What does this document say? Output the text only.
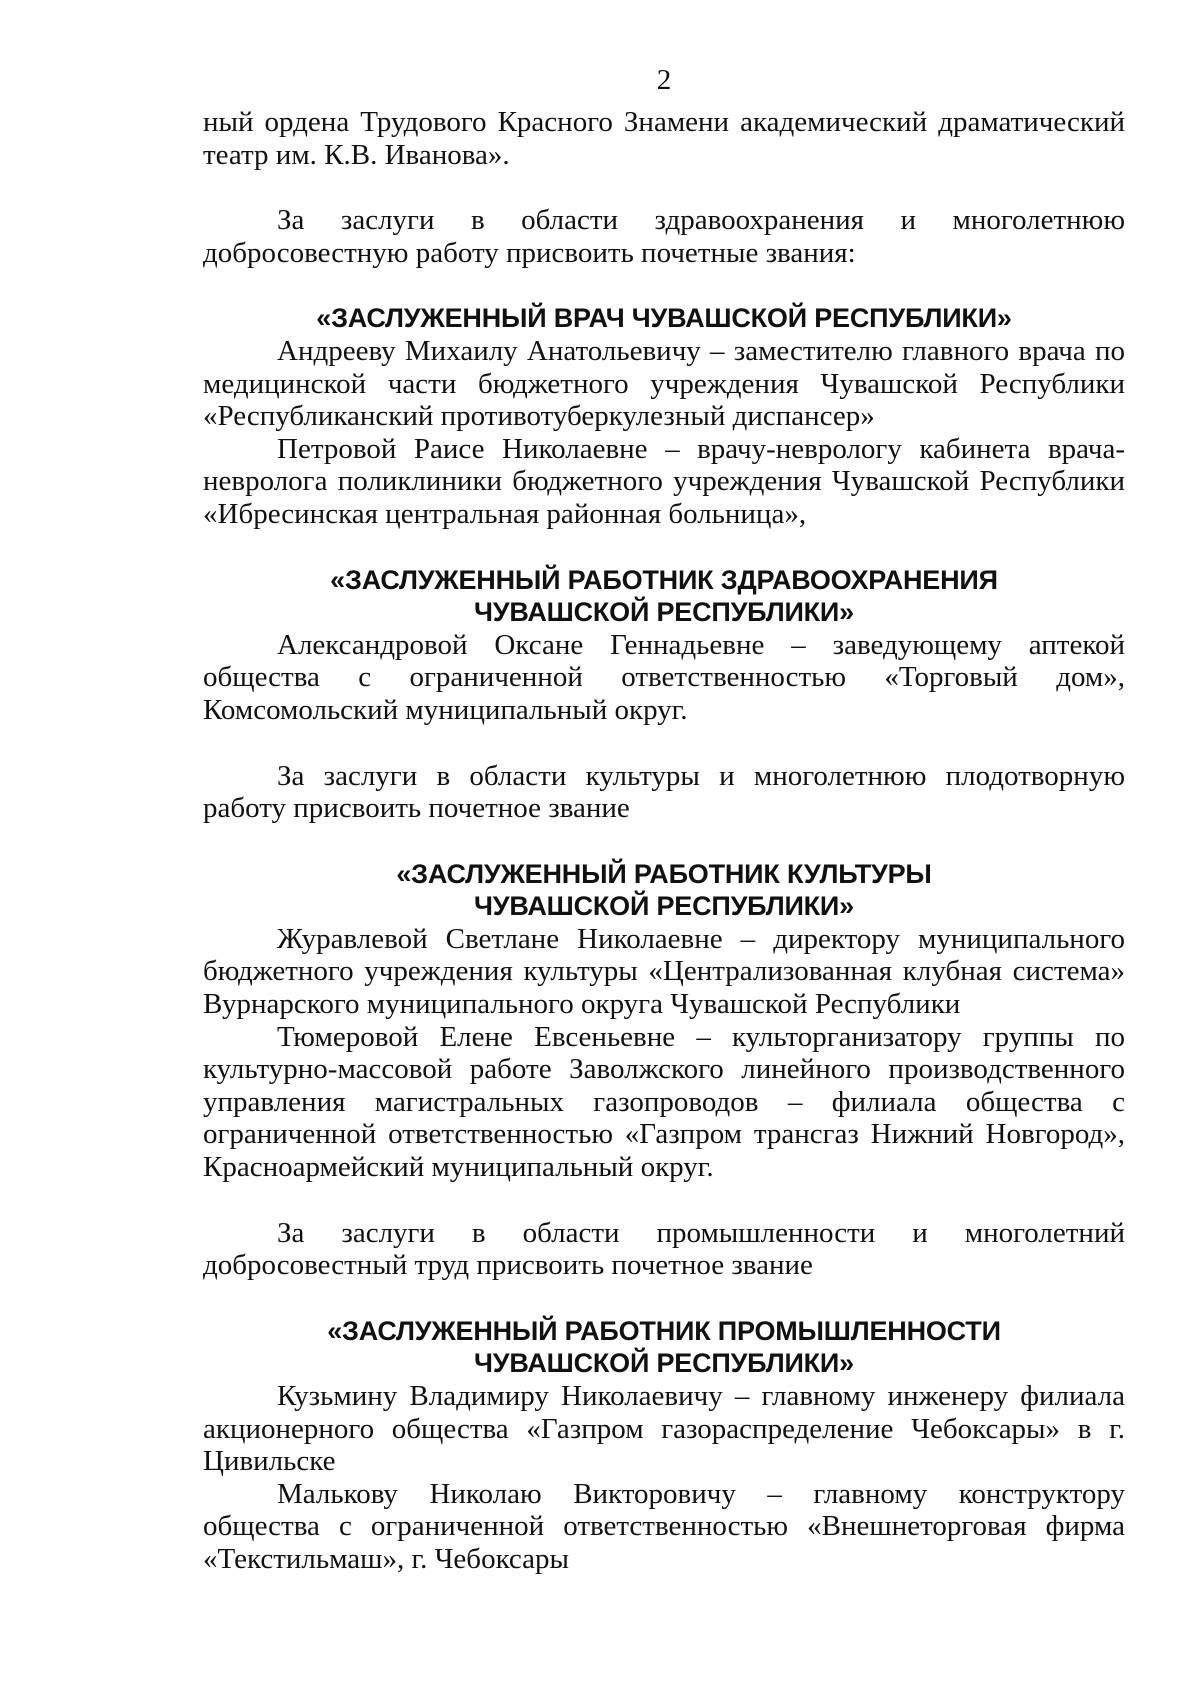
2

ный ордена Трудового Красного Знамени академический драматический театр им. К.В. Иванова».

За заслуги в области здравоохранения и многолетнюю добросовестную работу присвоить почетные звания:

«ЗАСЛУЖЕННЫЙ ВРАЧ ЧУВАШСКОЙ РЕСПУБЛИКИ»

Андрееву Михаилу Анатольевичу – заместителю главного врача по медицинской части бюджетного учреждения Чувашской Республики «Республиканский противотуберкулезный диспансер»

Петровой Раисе Николаевне – врачу-неврологу кабинета врача-невролога поликлиники бюджетного учреждения Чувашской Республики «Ибресинская центральная районная больница»,

«ЗАСЛУЖЕННЫЙ РАБОТНИК ЗДРАВООХРАНЕНИЯ
ЧУВАШСКОЙ РЕСПУБЛИКИ»

Александровой Оксане Геннадьевне – заведующему аптекой общества с ограниченной ответственностью «Торговый дом», Комсомольский муниципальный округ.

За заслуги в области культуры и многолетнюю плодотворную работу присвоить почетное звание

«ЗАСЛУЖЕННЫЙ РАБОТНИК КУЛЬТУРЫ
ЧУВАШСКОЙ РЕСПУБЛИКИ»

Журавлевой Светлане Николаевне – директору муниципального бюджетного учреждения культуры «Централизованная клубная система» Вурнарского муниципального округа Чувашской Республики

Тюмеровой Елене Евсеньевне – культорганизатору группы по культурно-массовой работе Заволжского линейного производственного управления магистральных газопроводов – филиала общества с ограниченной ответственностью «Газпром трансгаз Нижний Новгород», Красноармейский муниципальный округ.

За заслуги в области промышленности и многолетний добросовестный труд присвоить почетное звание

«ЗАСЛУЖЕННЫЙ РАБОТНИК ПРОМЫШЛЕННОСТИ
ЧУВАШСКОЙ РЕСПУБЛИКИ»

Кузьмину Владимиру Николаевичу – главному инженеру филиала акционерного общества «Газпром газораспределение Чебоксары» в г. Цивильске

Малькову Николаю Викторовичу – главному конструктору общества с ограниченной ответственностью «Внешнеторговая фирма «Текстильмаш», г. Чебоксары
